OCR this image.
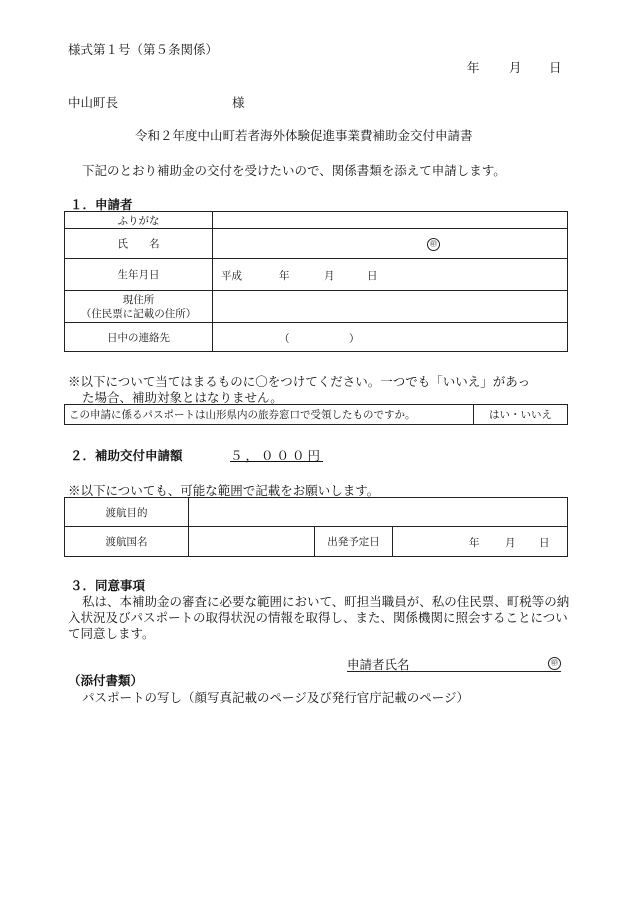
様式第１号（第５条関係）
年 月 日
中山町長	様
令和２年度中山町若者海外体験促進事業費補助金交付申請書
下記のとおり補助金の交付を受けたいので、関係書類を添えて申請します。
１．申請者
ふりがな	
氏　　名	㊞

生年月日	平成 年 月 日

現住所
（住民票に記載の住所）	

日中の連絡先	（ ）
※以下について当てはまるものに〇をつけてください。一つでも「いいえ」があっ
た場合、補助対象とはなりません。
この申請に係るパスポートは山形県内の旅券窓口で受領したものですか。	はい・いいえ
２．補助交付申請額	５，０００円
※以下についても、可能な範囲で記載をお願いします。
渡航目的			
渡航国名		出発予定日	年 月 日
３．同意事項
私は、本補助金の審査に必要な範囲において、町担当職員が、私の住民票、町税等の納
入状況及びパスポートの取得状況の情報を取得し、また、関係機関に照会することについ
て同意します。
申請者氏名	㊞
（添付書類）
パスポートの写し（顔写真記載のページ及び発行官庁記載のページ）
